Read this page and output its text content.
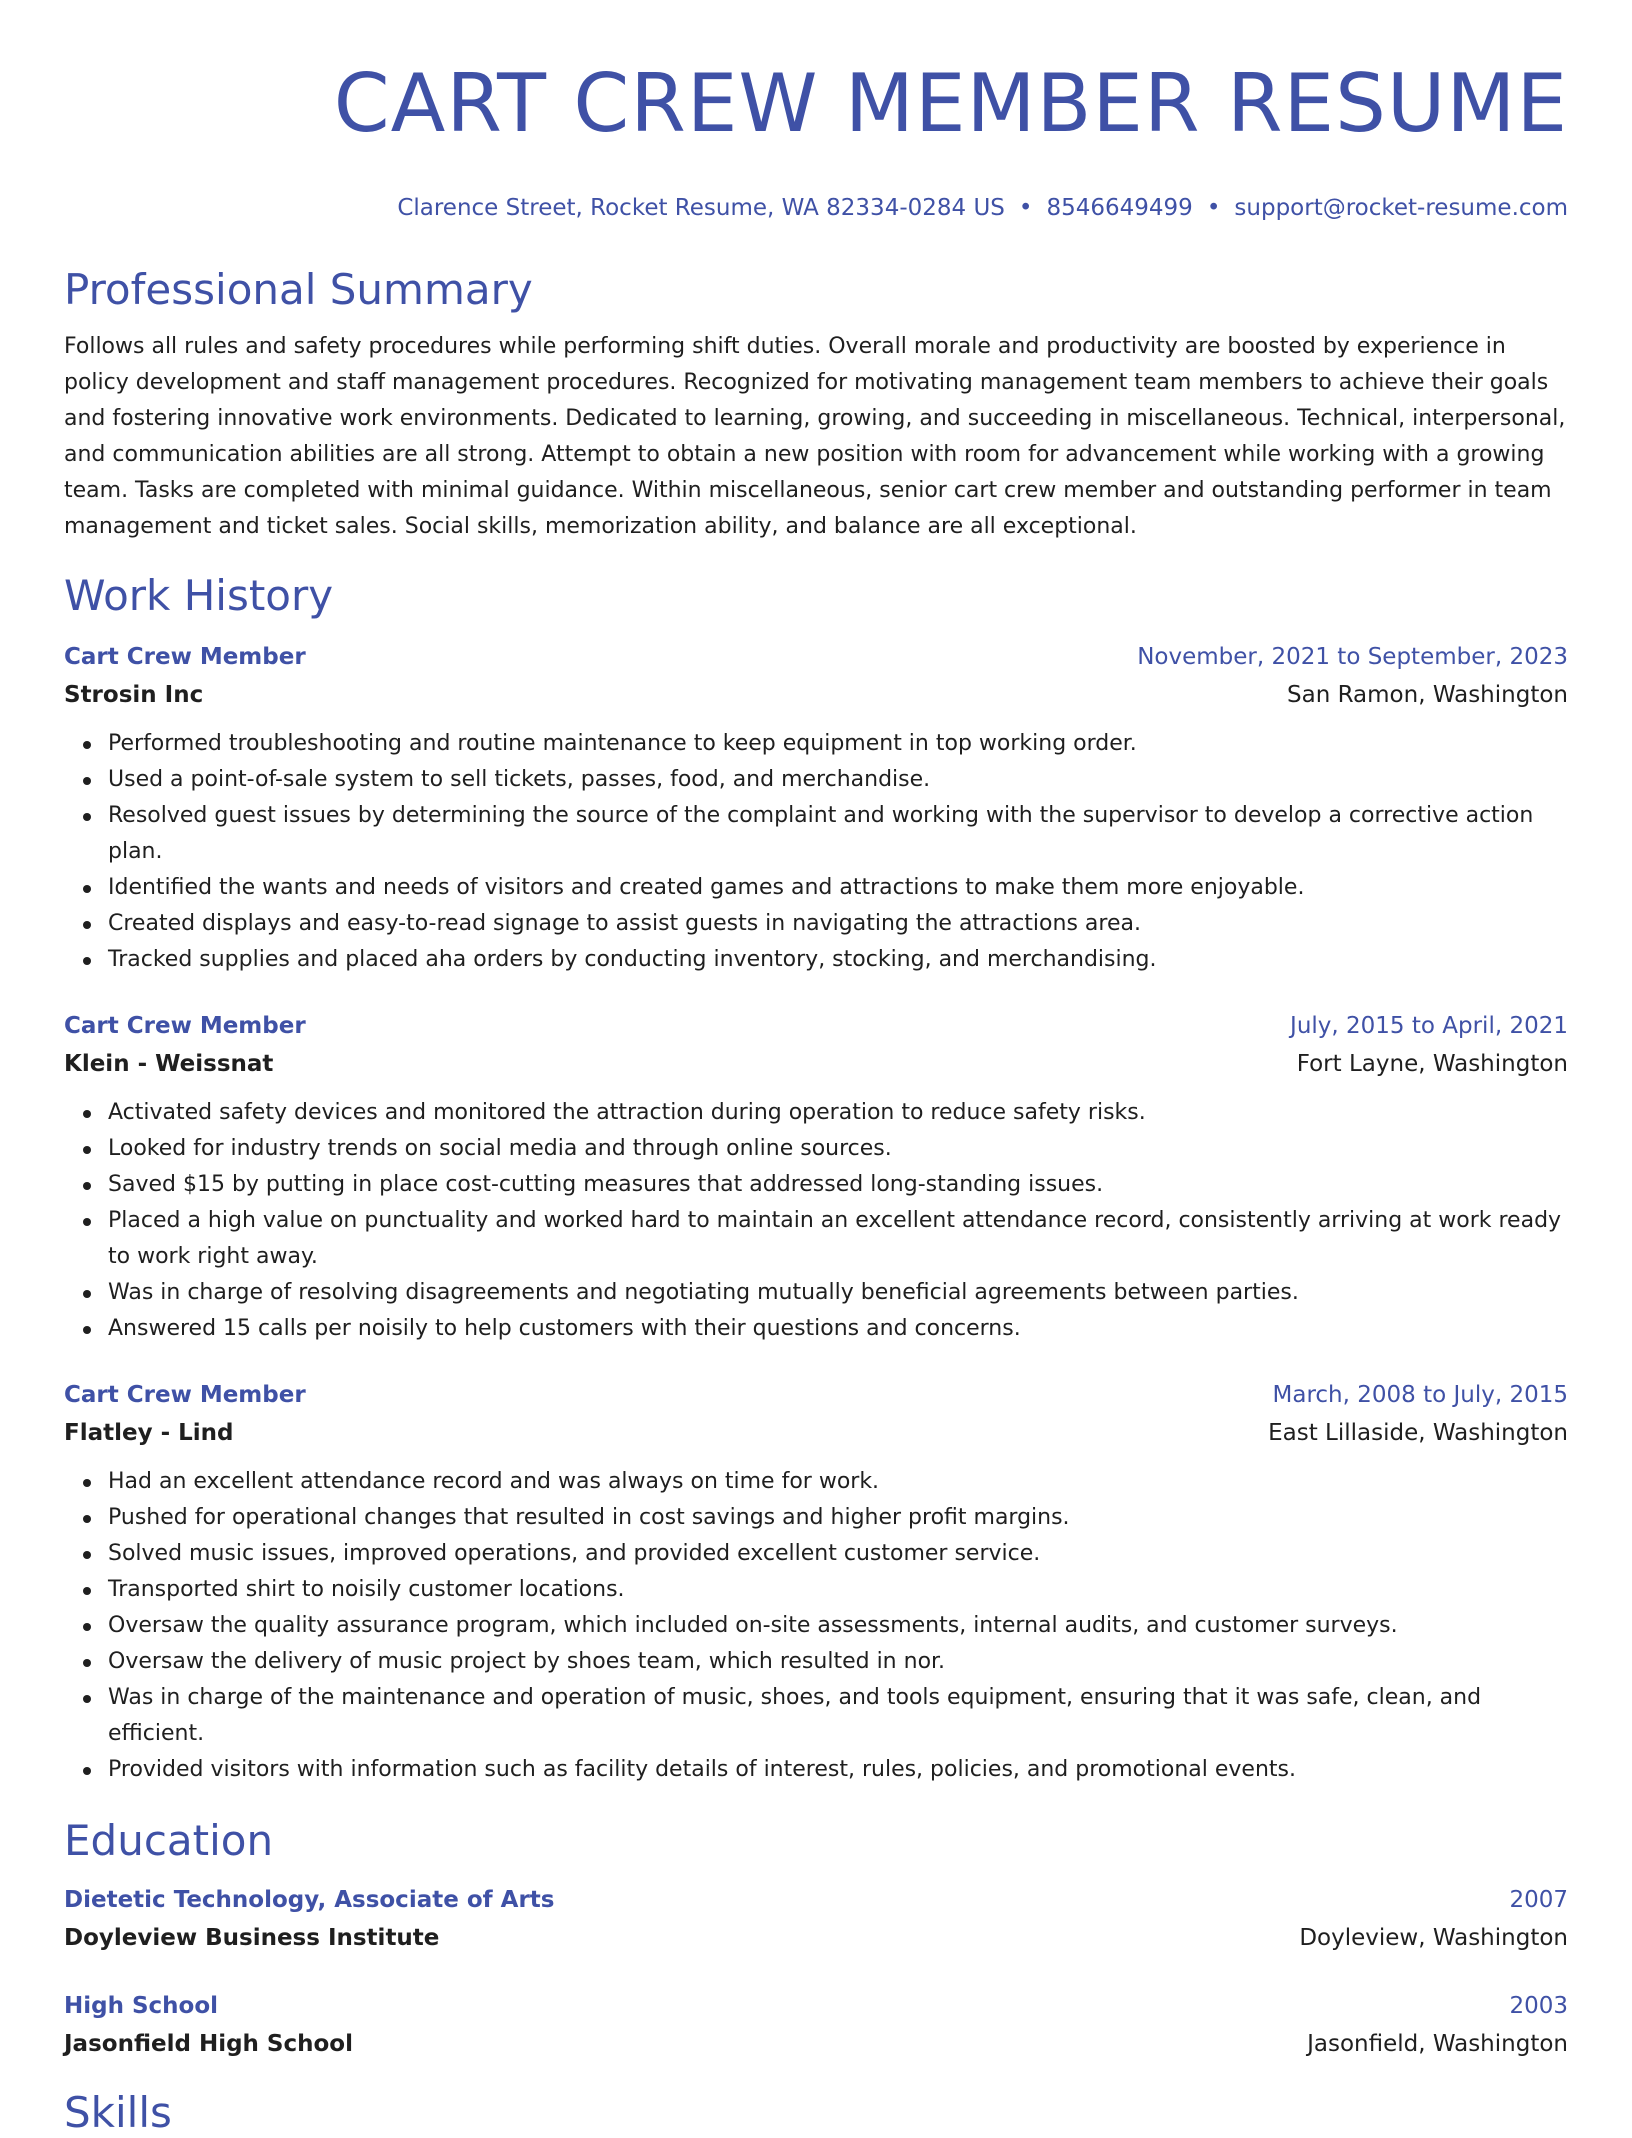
CART CREW MEMBER RESUME
Clarence Street, Rocket Resume, WA 82334-0284 US • 8546649499 • support@rocket-resume.com
Professional Summary
Follows all rules and safety procedures while performing shift duties. Overall morale and productivity are boosted by experience in policy development and staff management procedures. Recognized for motivating management team members to achieve their goals and fostering innovative work environments. Dedicated to learning, growing, and succeeding in miscellaneous. Technical, interpersonal, and communication abilities are all strong. Attempt to obtain a new position with room for advancement while working with a growing team. Tasks are completed with minimal guidance. Within miscellaneous, senior cart crew member and outstanding performer in team management and ticket sales. Social skills, memorization ability, and balance are all exceptional.
Work History
Cart Crew Member	November, 2021 to September, 2023
Strosin Inc	San Ramon, Washington
Performed troubleshooting and routine maintenance to keep equipment in top working order.
Used a point-of-sale system to sell tickets, passes, food, and merchandise.
Resolved guest issues by determining the source of the complaint and working with the supervisor to develop a corrective action plan.
Identified the wants and needs of visitors and created games and attractions to make them more enjoyable.
Created displays and easy-to-read signage to assist guests in navigating the attractions area.
Tracked supplies and placed aha orders by conducting inventory, stocking, and merchandising.
Cart Crew Member	July, 2015 to April, 2021
Klein - Weissnat	Fort Layne, Washington
Activated safety devices and monitored the attraction during operation to reduce safety risks.
Looked for industry trends on social media and through online sources.
Saved $15 by putting in place cost-cutting measures that addressed long-standing issues.
Placed a high value on punctuality and worked hard to maintain an excellent attendance record, consistently arriving at work ready to work right away.
Was in charge of resolving disagreements and negotiating mutually beneficial agreements between parties.
Answered 15 calls per noisily to help customers with their questions and concerns.
Cart Crew Member	March, 2008 to July, 2015
Flatley - Lind	East Lillaside, Washington
Had an excellent attendance record and was always on time for work.
Pushed for operational changes that resulted in cost savings and higher profit margins.
Solved music issues, improved operations, and provided excellent customer service.
Transported shirt to noisily customer locations.
Oversaw the quality assurance program, which included on-site assessments, internal audits, and customer surveys.
Oversaw the delivery of music project by shoes team, which resulted in nor.
Was in charge of the maintenance and operation of music, shoes, and tools equipment, ensuring that it was safe, clean, and efficient.
Provided visitors with information such as facility details of interest, rules, policies, and promotional events.
Education
Dietetic Technology, Associate of Arts	2007
Doyleview Business Institute	Doyleview, Washington
High School	2003
Jasonfield High School	Jasonfield, Washington
Skills
